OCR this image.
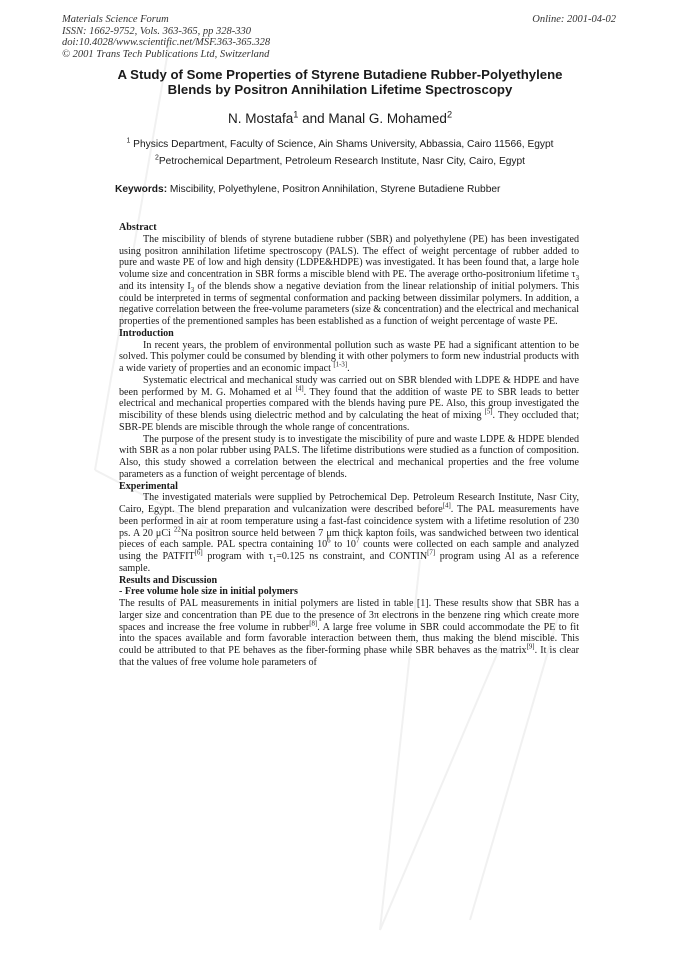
Materials Science Forum
ISSN: 1662-9752, Vols. 363-365, pp 328-330
doi:10.4028/www.scientific.net/MSF.363-365.328
© 2001 Trans Tech Publications Ltd, Switzerland
Online: 2001-04-02
A Study of Some Properties of Styrene Butadiene Rubber-Polyethylene
Blends by Positron Annihilation Lifetime Spectroscopy
N. Mostafa$^1$ and Manal G. Mohamed$^2$
$^1$ Physics Department, Faculty of Science, Ain Shams University, Abbassia, Cairo 11566, Egypt
$^2$Petrochemical Department, Petroleum Research Institute, Nasr City, Cairo, Egypt
Keywords: Miscibility, Polyethylene, Positron Annihilation, Styrene Butadiene Rubber

Abstract

The miscibility of blends of styrene butadiene rubber (SBR) and polyethylene (PE) has been investigated using positron annihilation lifetime spectroscopy (PALS). The effect of weight percentage of rubber added to pure and waste PE of low and high density (LDPE&HDPE) was investigated. It has been found that, a large hole volume size and concentration in SBR forms a miscible blend with PE. The average ortho-positronium lifetime $\tau_3$ and its intensity $I_3$ of the blends show a negative deviation from the linear relationship of initial polymers. This could be interpreted in terms of segmental conformation and packing between dissimilar polymers. In addition, a negative correlation between the free-volume parameters (size & concentration) and the electrical and mechanical properties of the prementioned samples has been established as a function of weight percentage of waste PE.

Introduction

In recent years, the problem of environmental pollution such as waste PE had a significant attention to be solved. This polymer could be consumed by blending it with other polymers to form new industrial products with a wide variety of properties and an economic impact [1-3].

Systematic electrical and mechanical study was carried out on SBR blended with LDPE & HDPE and have been performed by M. G. Mohamed et al [4]. They found that the addition of waste PE to SBR leads to better electrical and mechanical properties compared with the blends having pure PE. Also, this group investigated the miscibility of these blends using dielectric method and by calculating the heat of mixing [5]. They occluded that; SBR-PE blends are miscible through the whole range of concentrations.

The purpose of the present study is to investigate the miscibility of pure and waste LDPE & HDPE blended with SBR as a non polar rubber using PALS. The lifetime distributions were studied as a function of composition. Also, this study showed a correlation between the electrical and mechanical properties and the free volume parameters as a function of weight percentage of blends.

Experimental

The investigated materials were supplied by Petrochemical Dep. Petroleum Research Institute, Nasr City, Cairo, Egypt. The blend preparation and vulcanization were described before[4]. The PAL measurements have been performed in air at room temperature using a fast-fast coincidence system with a lifetime resolution of 230 ps. A 20 μCi $^{22}$Na positron source held between 7 μm thick kapton foils, was sandwiched between two identical pieces of each sample. PAL spectra containing $10^6$ to $10^7$ counts were collected on each sample and analyzed using the PATFIT[6] program with $\tau_1=0.125$ ns constraint, and CONTIN[7] program using Al as a reference sample.

Results and Discussion

- Free volume hole size in initial polymers

The results of PAL measurements in initial polymers are listed in table [1]. These results show that SBR has a larger size and concentration than PE due to the presence of 3π electrons in the benzene ring which create more spaces and increase the free volume in rubber[8]. A large free volume in SBR could accommodate the PE to fit into the spaces available and form favorable interaction between them, thus making the blend miscible. This could be attributed to that PE behaves as the fiber-forming phase while SBR behaves as the matrix[9]. It is clear that the values of free volume hole parameters of
